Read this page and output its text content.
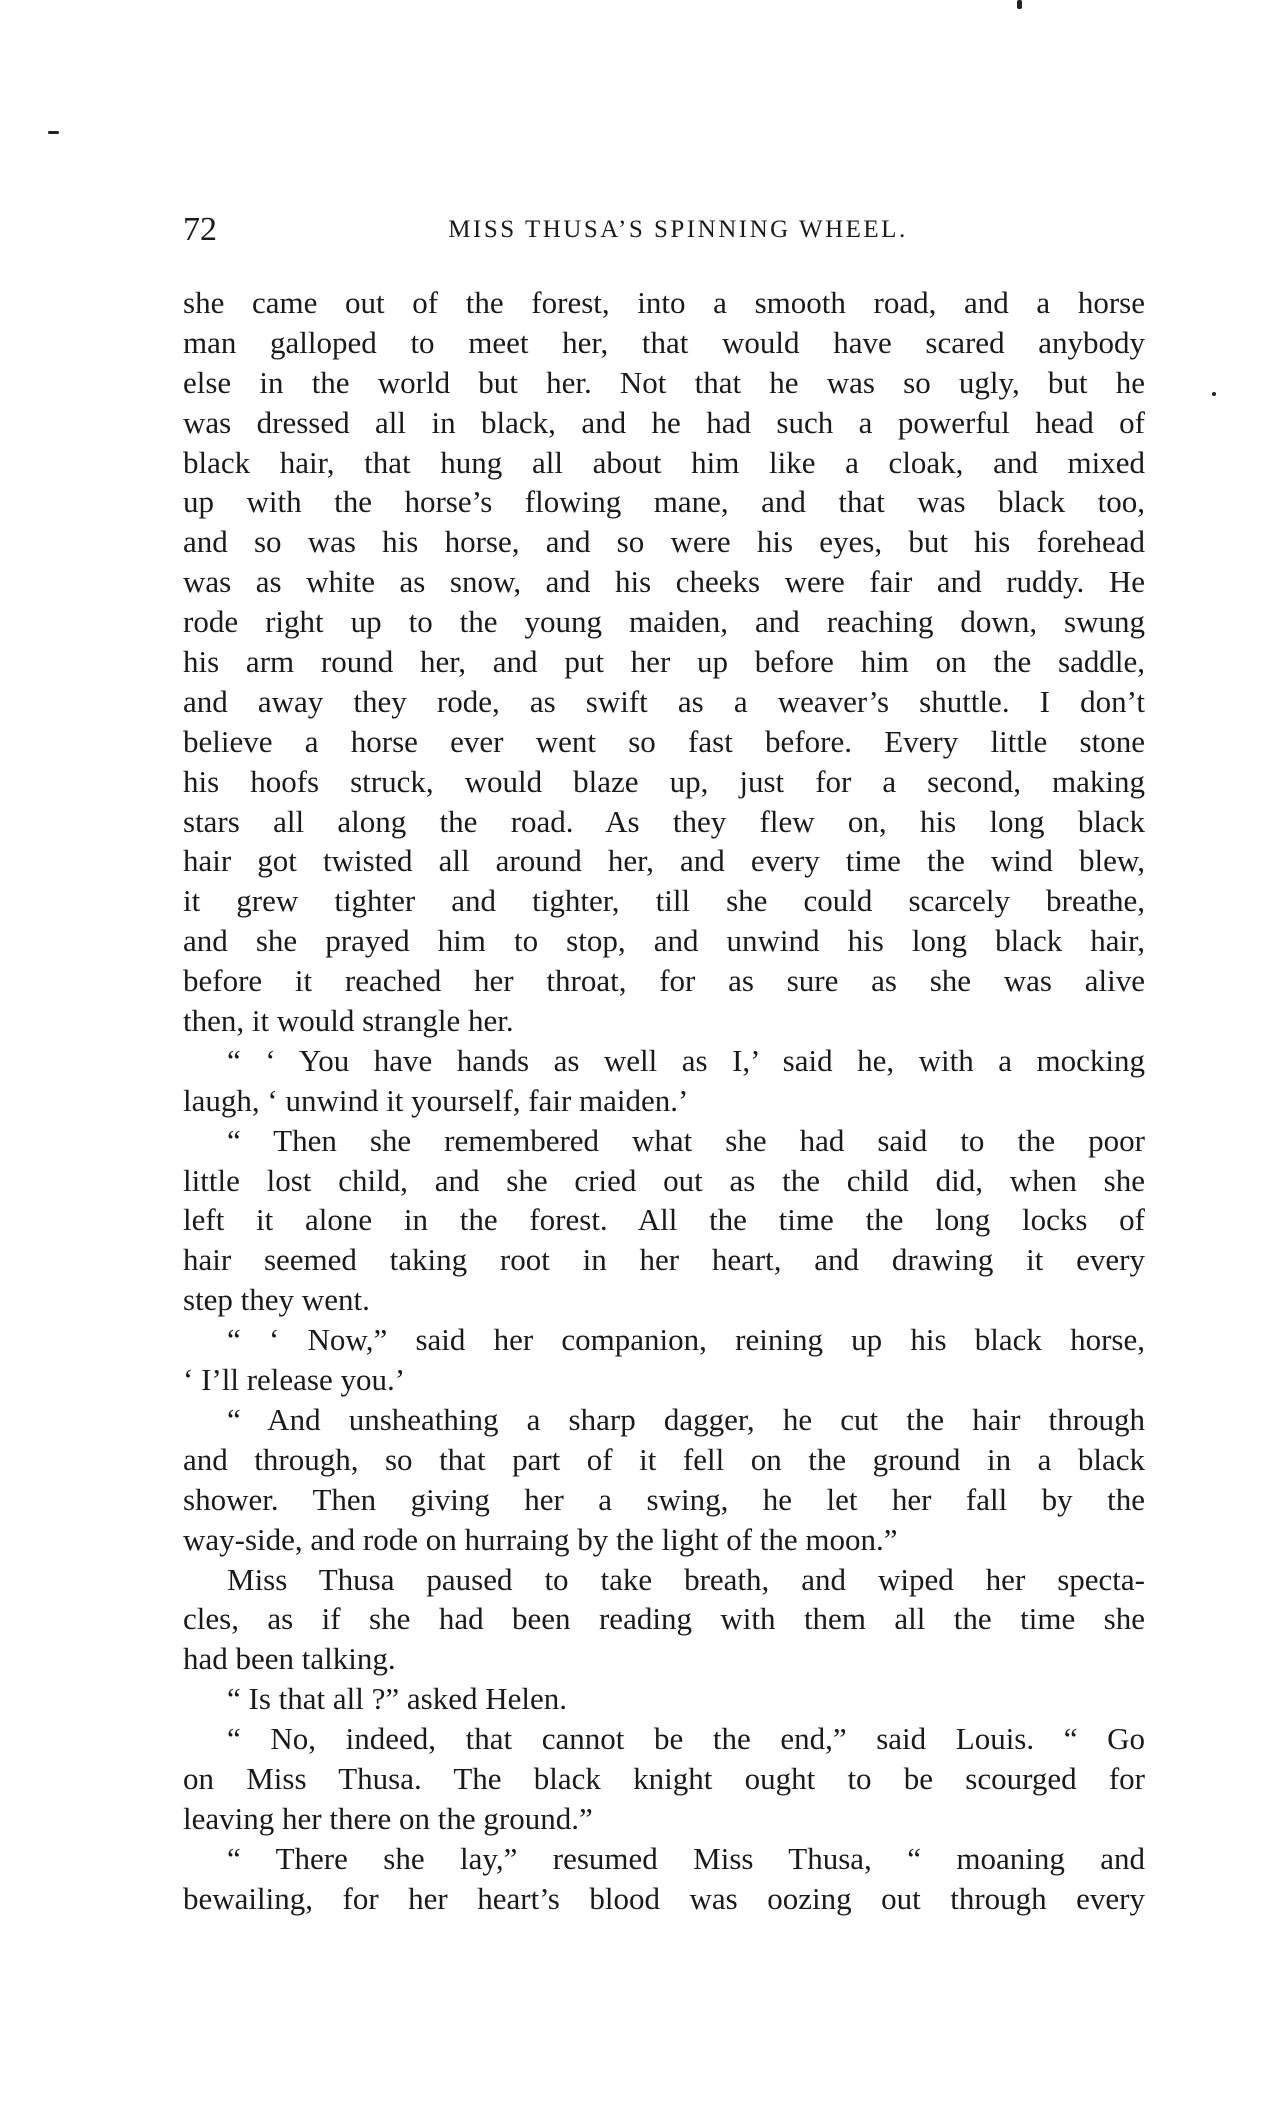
72	MISS THUSA’S SPINNING WHEEL.
she came out of the forest, into a smooth road, and a horse
man galloped to meet her, that would have scared anybody
else in the world but her. Not that he was so ugly, but he
was dressed all in black, and he had such a powerful head of
black hair, that hung all about him like a cloak, and mixed
up with the horse’s flowing mane, and that was black too,
and so was his horse, and so were his eyes, but his forehead
was as white as snow, and his cheeks were fair and ruddy. He
rode right up to the young maiden, and reaching down, swung
his arm round her, and put her up before him on the saddle,
and away they rode, as swift as a weaver’s shuttle. I don’t
believe a horse ever went so fast before. Every little stone
his hoofs struck, would blaze up, just for a second, making
stars all along the road. As they flew on, his long black
hair got twisted all around her, and every time the wind blew,
it grew tighter and tighter, till she could scarcely breathe,
and she prayed him to stop, and unwind his long black hair,
before it reached her throat, for as sure as she was alive
then, it would strangle her.
“ ‘ You have hands as well as I,’ said he, with a mocking
laugh, ‘ unwind it yourself, fair maiden.’
“ Then she remembered what she had said to the poor
little lost child, and she cried out as the child did, when she
left it alone in the forest. All the time the long locks of
hair seemed taking root in her heart, and drawing it every
step they went.
“ ‘ Now,” said her companion, reining up his black horse,
‘ I’ll release you.’
“ And unsheathing a sharp dagger, he cut the hair through
and through, so that part of it fell on the ground in a black
shower. Then giving her a swing, he let her fall by the
way-side, and rode on hurraing by the light of the moon.”
Miss Thusa paused to take breath, and wiped her specta-
cles, as if she had been reading with them all the time she
had been talking.
“ Is that all ?” asked Helen.
“ No, indeed, that cannot be the end,” said Louis. “ Go
on Miss Thusa. The black knight ought to be scourged for
leaving her there on the ground.”
“ There she lay,” resumed Miss Thusa, “ moaning and
bewailing, for her heart’s blood was oozing out through every
